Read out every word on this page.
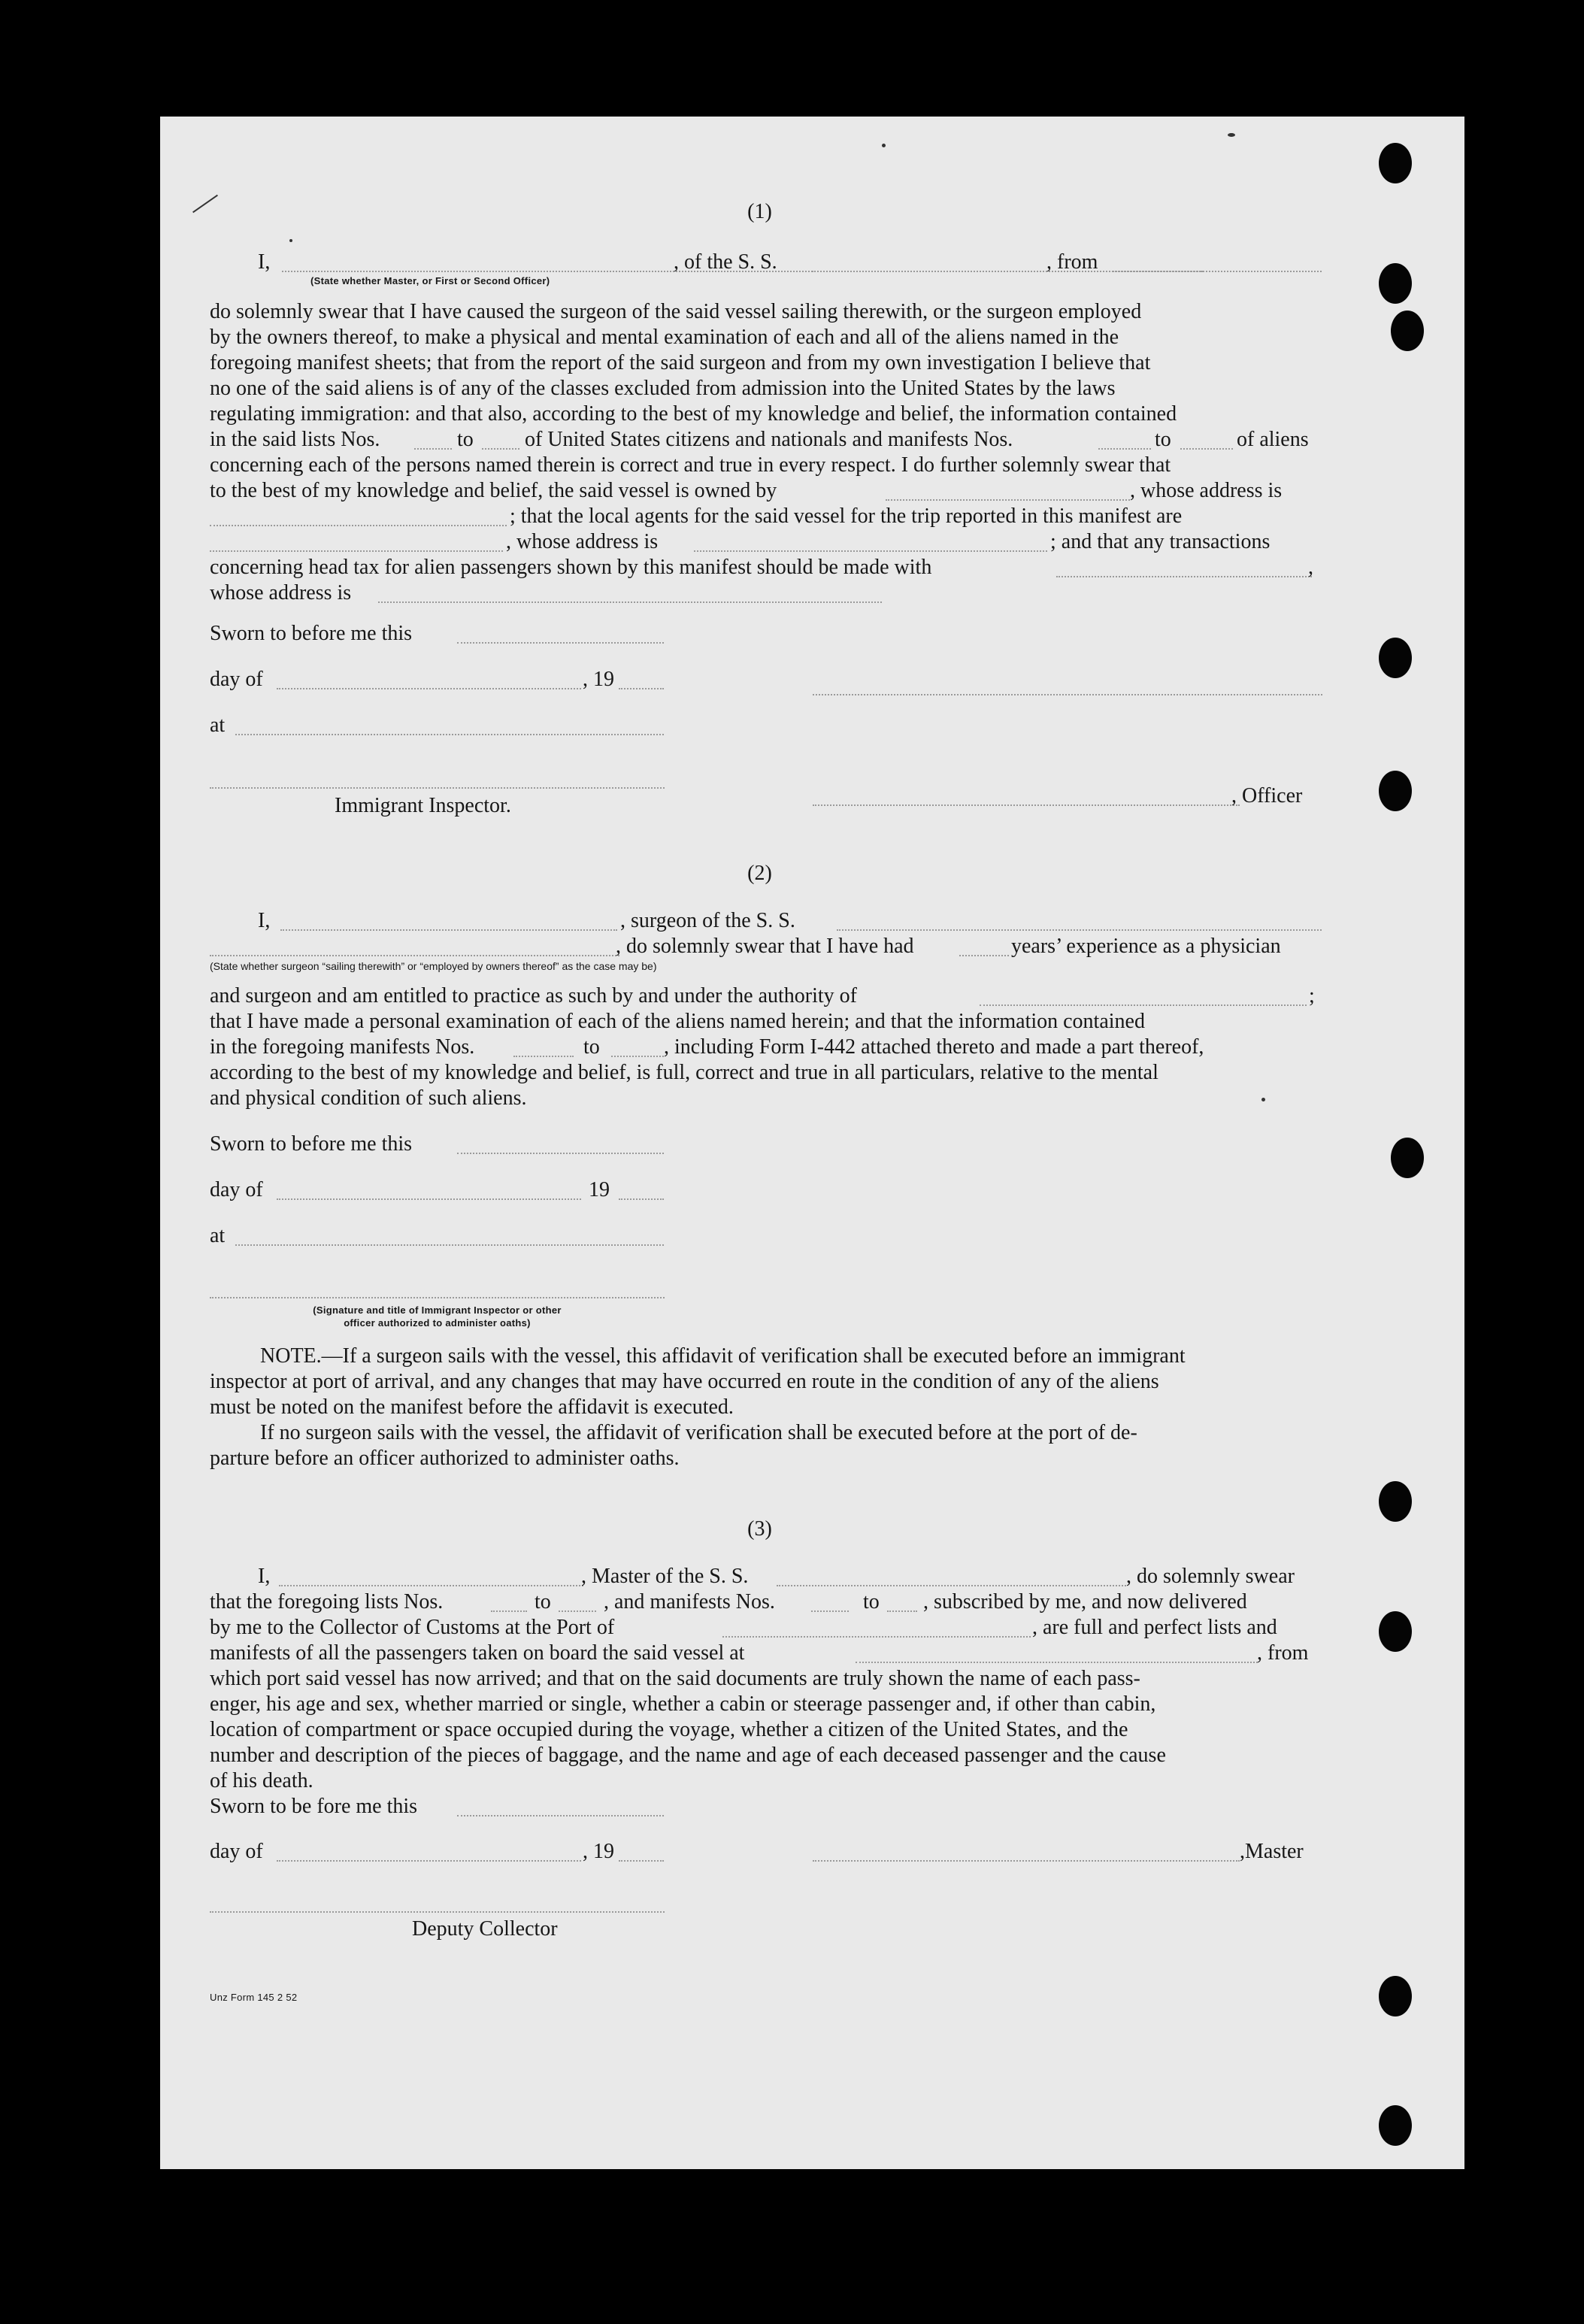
(1)
I,	, of the S. S.	, from
(State whether Master, or First or Second Officer)
do solemnly swear that I have caused the surgeon of the said vessel sailing therewith, or the surgeon employed
by the owners thereof, to make a physical and mental examination of each and all of the aliens named in the
foregoing manifest sheets; that from the report of the said surgeon and from my own investigation I believe that
no one of the said aliens is of any of the classes excluded from admission into the United States by the laws
regulating immigration: and that also, according to the best of my knowledge and belief, the information contained
in the said lists Nos.	to of United States citizens and nationals and manifests Nos.	to	of aliens
concerning each of the persons named therein is correct and true in every respect. I do further solemnly swear that
to the best of my knowledge and belief, the said vessel is owned by	, whose address is
; that the local agents for the said vessel for the trip reported in this manifest are
, whose address is	; and that any transactions
concerning head tax for alien passengers shown by this manifest should be made with	,
whose address is
Sworn to before me this
day of	, 19
at
Immigrant Inspector.	, Officer
(2)
I,	, surgeon of the S. S.
, do solemnly swear that I have had	years’ experience as a physician
(State whether surgeon “sailing therewith” or “employed by owners thereof” as the case may be)
and surgeon and am entitled to practice as such by and under the authority of	;
that I have made a personal examination of each of the aliens named herein; and that the information contained
in the foregoing manifests Nos.	to	, including Form I-442 attached thereto and made a part thereof,
according to the best of my knowledge and belief, is full, correct and true in all particulars, relative to the mental
and physical condition of such aliens.
Sworn to before me this
day of	19
at
(Signature and title of Immigrant Inspector or other
officer authorized to administer oaths)
NOTE.—If a surgeon sails with the vessel, this affidavit of verification shall be executed before an immigrant
inspector at port of arrival, and any changes that may have occurred en route in the condition of any of the aliens
must be noted on the manifest before the affidavit is executed.
If no surgeon sails with the vessel, the affidavit of verification shall be executed before at the port of de-
parture before an officer authorized to administer oaths.
(3)
I,	, Master of the S. S.	, do solemnly swear
that the foregoing lists Nos.	to	, and manifests Nos.	to , subscribed by me, and now delivered
by me to the Collector of Customs at the Port of	, are full and perfect lists and
manifests of all the passengers taken on board the said vessel at	, from
which port said vessel has now arrived; and that on the said documents are truly shown the name of each pass-
enger, his age and sex, whether married or single, whether a cabin or steerage passenger and, if other than cabin,
location of compartment or space occupied during the voyage, whether a citizen of the United States, and the
number and description of the pieces of baggage, and the name and age of each deceased passenger and the cause
of his death.
Sworn to be fore me this
day of	, 19	,Master
Deputy Collector
Unz Form 145 2 52
